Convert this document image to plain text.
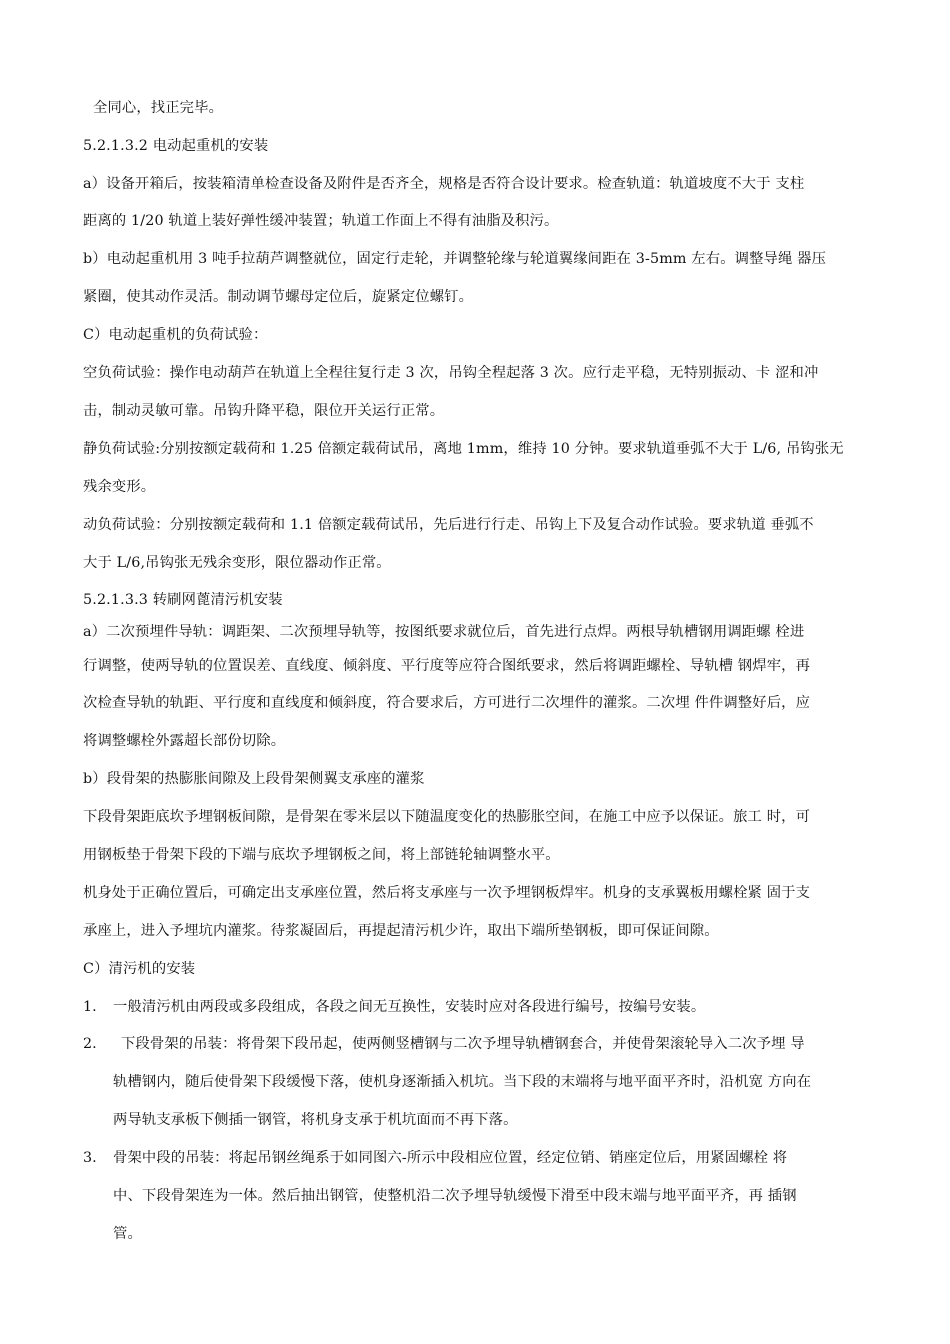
全同心，找正完毕。
5.2.1.3.2 电动起重机的安装
a）设备开箱后，按装箱清单检查设备及附件是否齐全，规格是否符合设计要求。检查轨道：轨道坡度不大于 支柱
距离的 1/20 轨道上装好弹性缓冲装置；轨道工作面上不得有油脂及积污。
b）电动起重机用 3 吨手拉葫芦调整就位，固定行走轮，并调整轮缘与轮道翼缘间距在 3-5mm 左右。调整导绳 器压
紧圈，使其动作灵活。制动调节螺母定位后，旋紧定位螺钉。
C）电动起重机的负荷试验：
空负荷试验：操作电动葫芦在轨道上全程往复行走 3 次，吊钩全程起落 3 次。应行走平稳，无特别振动、卡 涩和冲
击，制动灵敏可靠。吊钩升降平稳，限位开关运行正常。
静负荷试验:分别按额定载荷和 1.25 倍额定载荷试吊，离地 1mm，维持 10 分钟。要求轨道垂弧不大于 L/6, 吊钩张无
残余变形。
动负荷试验：分别按额定载荷和 1.1 倍额定载荷试吊，先后进行行走、吊钩上下及复合动作试验。要求轨道 垂弧不
大于 L/6,吊钩张无残余变形，限位器动作正常。
5.2.1.3.3 转刷网蓖清污机安装
a）二次预埋件导轨：调距架、二次预埋导轨等，按图纸要求就位后，首先进行点焊。两根导轨槽钢用调距螺 栓进
行调整，使两导轨的位置误差、直线度、倾斜度、平行度等应符合图纸要求，然后将调距螺栓、导轨槽 钢焊牢，再
次检查导轨的轨距、平行度和直线度和倾斜度，符合要求后，方可进行二次埋件的灌浆。二次埋 件件调整好后，应
将调整螺栓外露超长部份切除。
b）段骨架的热膨胀间隙及上段骨架侧翼支承座的灌浆
下段骨架距底坎予埋钢板间隙，是骨架在零米层以下随温度变化的热膨胀空间，在施工中应予以保证。旅工 时，可
用钢板垫于骨架下段的下端与底坎予埋钢板之间，将上部链轮轴调整水平。
机身处于正确位置后，可确定出支承座位置，然后将支承座与一次予埋钢板焊牢。机身的支承翼板用螺栓紧 固于支
承座上，进入予埋坑内灌浆。待浆凝固后，再提起清污机少许，取出下端所垫钢板，即可保证间隙。
C）清污机的安装
1. 一般清污机由两段或多段组成，各段之间无互换性，安装时应对各段进行编号，按编号安装。
2. 下段骨架的吊装：将骨架下段吊起，使两侧竖槽钢与二次予埋导轨槽钢套合，并使骨架滚轮导入二次予埋 导
轨槽钢内，随后使骨架下段缓慢下落，使机身逐渐插入机坑。当下段的末端将与地平面平齐时，沿机宽 方向在
两导轨支承板下侧插一钢管，将机身支承于机坑面而不再下落。
3. 骨架中段的吊装：将起吊钢丝绳系于如同图六-所示中段相应位置，经定位销、销座定位后，用紧固螺栓 将
中、下段骨架连为一体。然后抽出钢管，使整机沿二次予埋导轨缓慢下滑至中段末端与地平面平齐，再 插钢
管。
